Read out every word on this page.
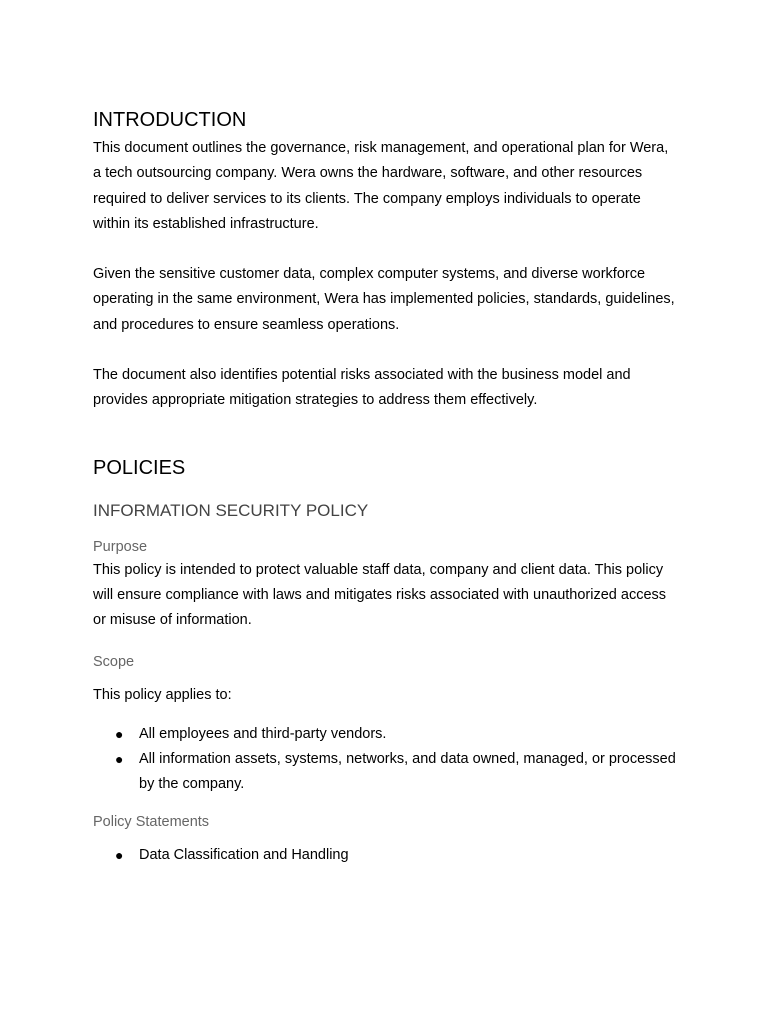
INTRODUCTION

This document outlines the governance, risk management, and operational plan for Wera, a tech outsourcing company. Wera owns the hardware, software, and other resources required to deliver services to its clients. The company employs individuals to operate within its established infrastructure.

Given the sensitive customer data, complex computer systems, and diverse workforce operating in the same environment, Wera has implemented policies, standards, guidelines, and procedures to ensure seamless operations.

The document also identifies potential risks associated with the business model and provides appropriate mitigation strategies to address them effectively.

POLICIES
INFORMATION SECURITY POLICY
Purpose

This policy is intended to protect valuable staff data, company and client data. This policy will ensure compliance with laws and mitigates risks associated with unauthorized access or misuse of information.

Scope

This policy applies to:

● All employees and third-party vendors.
● All information assets, systems, networks, and data owned, managed, or processed by the company.
Policy Statements
● Data Classification and Handling
